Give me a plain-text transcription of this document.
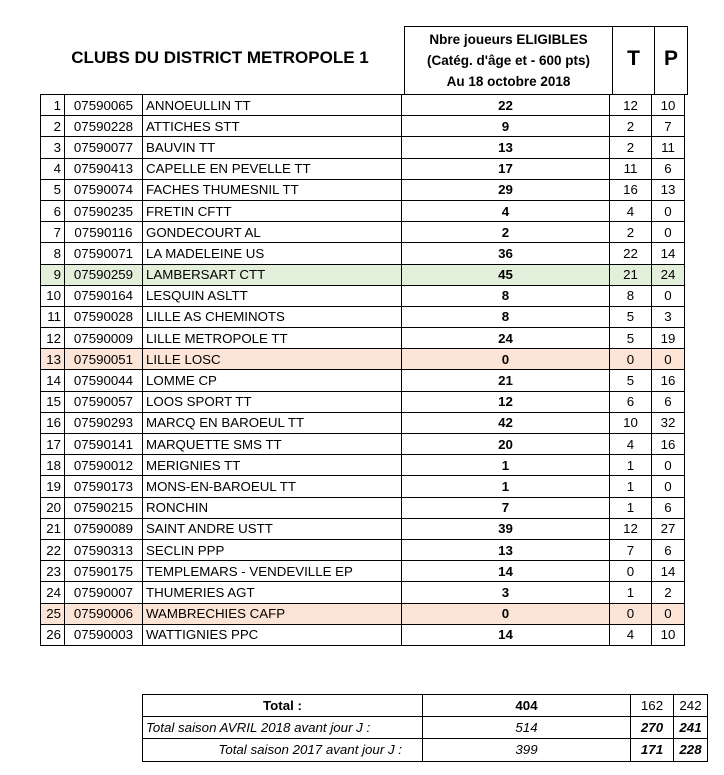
CLUBS DU DISTRICT METROPOLE 1
Nbre joueurs ELIGIBLES
(Catég. d'âge et - 600 pts)
Au 18 octobre 2018
T	P
1	07590065	ANNOEULLIN TT	22	12	10
2	07590228	ATTICHES STT	9	2	7
3	07590077	BAUVIN TT	13	2	11
4	07590413	CAPELLE EN PEVELLE TT	17	11	6
5	07590074	FACHES THUMESNIL TT	29	16	13
6	07590235	FRETIN CFTT	4	4	0
7	07590116	GONDECOURT AL	2	2	0
8	07590071	LA MADELEINE US	36	22	14
9	07590259	LAMBERSART CTT	45	21	24
10	07590164	LESQUIN ASLTT	8	8	0
11	07590028	LILLE AS CHEMINOTS	8	5	3
12	07590009	LILLE METROPOLE TT	24	5	19
13	07590051	LILLE LOSC	0	0	0
14	07590044	LOMME CP	21	5	16
15	07590057	LOOS SPORT TT	12	6	6
16	07590293	MARCQ EN BAROEUL TT	42	10	32
17	07590141	MARQUETTE SMS TT	20	4	16
18	07590012	MERIGNIES TT	1	1	0
19	07590173	MONS-EN-BAROEUL TT	1	1	0
20	07590215	RONCHIN	7	1	6
21	07590089	SAINT ANDRE USTT	39	12	27
22	07590313	SECLIN PPP	13	7	6
23	07590175	TEMPLEMARS - VENDEVILLE EP	14	0	14
24	07590007	THUMERIES AGT	3	1	2
25	07590006	WAMBRECHIES CAFP	0	0	0
26	07590003	WATTIGNIES PPC	14	4	10
Total :	404	162	242
Total saison AVRIL 2018 avant jour J :	514	270	241
Total saison 2017 avant jour J :	399	171	228
